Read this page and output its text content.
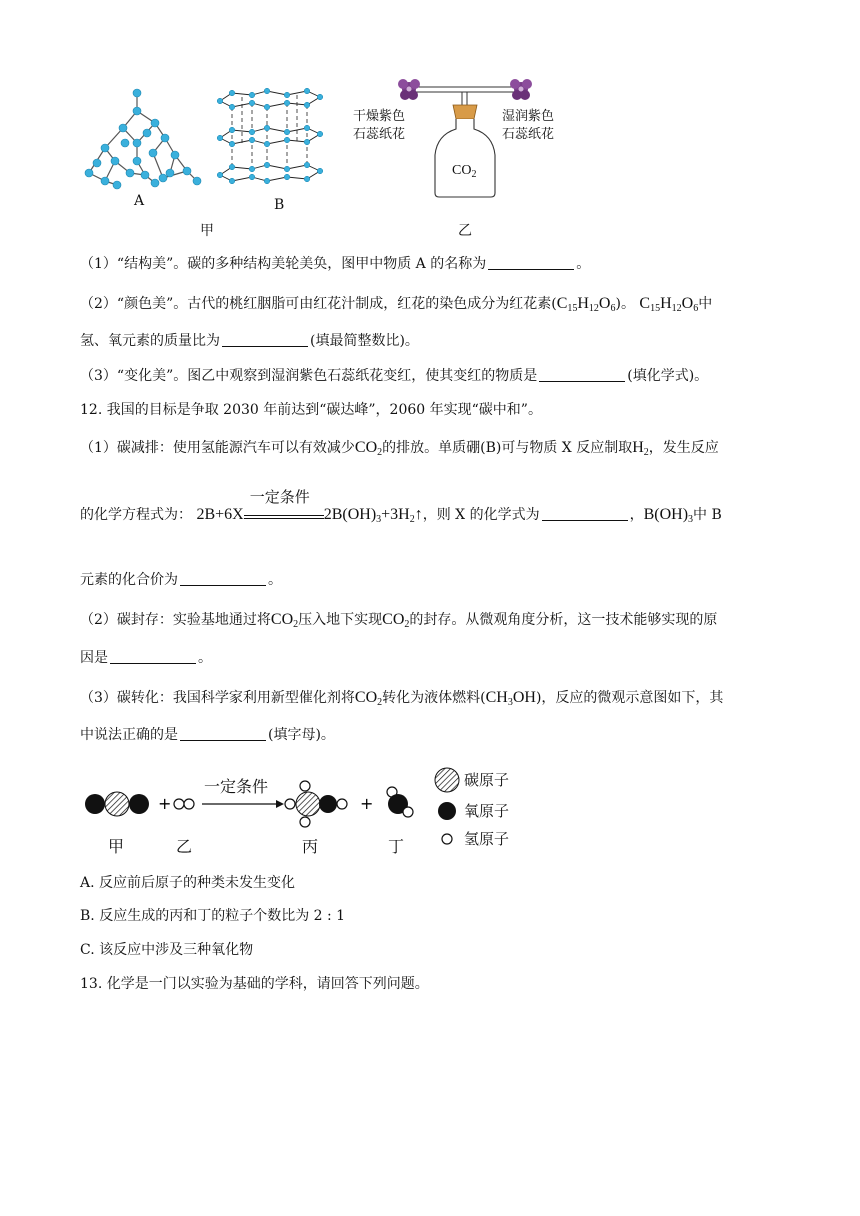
A	B
甲
$CO_2$
干燥紫色
石蕊纸花
湿润紫色
石蕊纸花
乙
（1）“结构美”。碳的多种结构美轮美奂，图甲中物质 A 的名称为	。
（2）“颜色美”。古代的桃红胭脂可由红花汁制成，红花的染色成分为红花素$(C_{15}H_{12}O_6)$。 $C_{15}H_{12}O_6$中
氢、氧元素的质量比为	(填最简整数比)。
（3）“变化美”。图乙中观察到湿润紫色石蕊纸花变红，使其变红的物质是	(填化学式)。
12. 我国的目标是争取 2030 年前达到“碳达峰”，2060 年实现“碳中和”。
（1）碳减排：使用氢能源汽车可以有效减少$CO_2$的排放。单质硼(B)可与物质 X 反应制取$H_2$，发生反应
的化学方程式为： 2B+6X
一定条件
$2B(OH)_3+3H_2↑$，则 X 的化学式为	，$B(OH)_3$中 B
元素的化合价为	。
（2）碳封存：实验基地通过将$CO_2$压入地下实现$CO_2$的封存。从微观角度分析，这一技术能够实现的原
因是	。
（3）碳转化：我国科学家利用新型催化剂将$CO_2$转化为液体燃料$(CH_3OH)$，反应的微观示意图如下，其
中说法正确的是	(填字母)。
+	+
一定条件
甲	乙	丙	丁
碳原子
氧原子
氢原子
A. 反应前后原子的种类未发生变化
B. 反应生成的丙和丁的粒子个数比为 2 : 1
C. 该反应中涉及三种氧化物
13. 化学是一门以实验为基础的学科，请回答下列问题。
